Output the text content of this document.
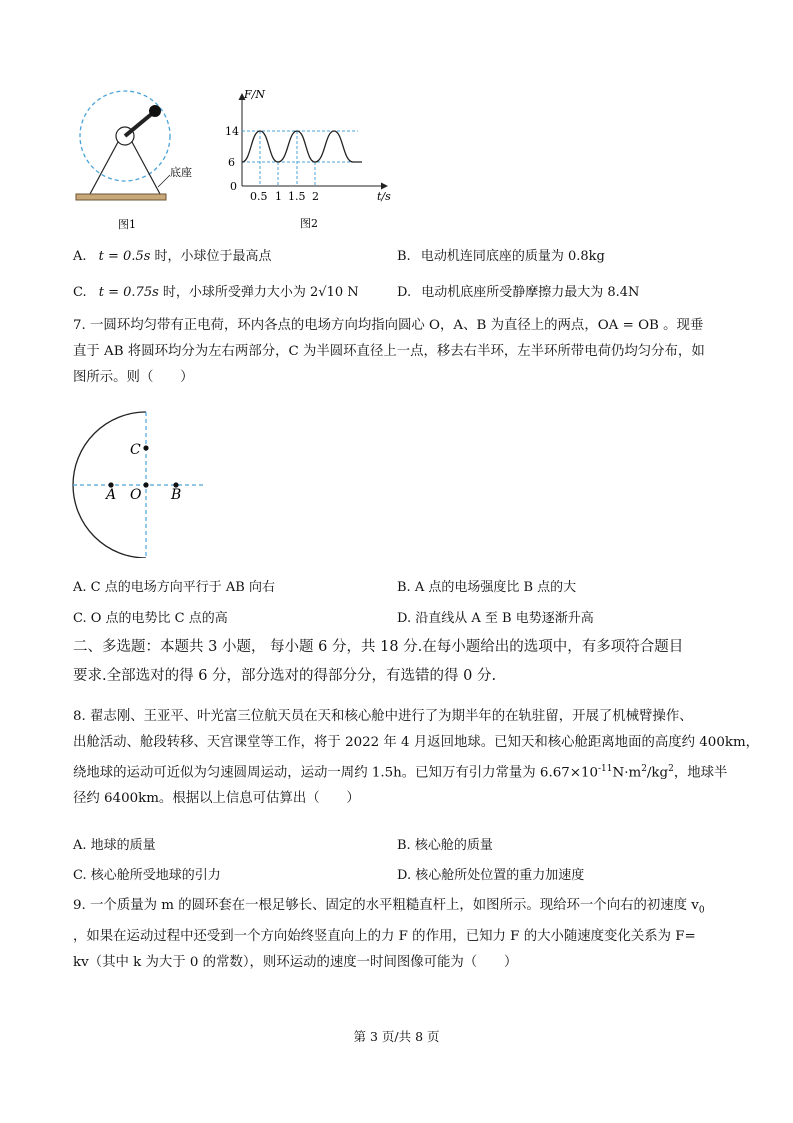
底座
图1
F/N
t/s
0
14
6
0.5 1 1.5 2
图2
A. t = 0.5s 时，小球位于最高点	B. 电动机连同底座的质量为 0.8kg
C. t = 0.75s 时，小球所受弹力大小为 2√10 N	D. 电动机底座所受静摩擦力最大为 8.4N
7. 一圆环均匀带有正电荷，环内各点的电场方向均指向圆心 O，A、B 为直径上的两点，OA = OB 。现垂
直于 AB 将圆环均分为左右两部分，C 为半圆环直径上一点，移去右半环，左半环所带电荷仍均匀分布，如
图所示。则（　　）
C
A O B
A. C 点的电场方向平行于 AB 向右	B. A 点的电场强度比 B 点的大
C. O 点的电势比 C 点的高	D. 沿直线从 A 至 B 电势逐渐升高
二、多选题：本题共 3 小题， 每小题 6 分，共 18 分.在每小题给出的选项中，有多项符合题目
要求.全部选对的得 6 分，部分选对的得部分分，有选错的得 0 分.
8. 翟志刚、王亚平、叶光富三位航天员在天和核心舱中进行了为期半年的在轨驻留，开展了机械臂操作、
出舱活动、舱段转移、天宫课堂等工作，将于 2022 年 4 月返回地球。已知天和核心舱距离地面的高度约 400km，
绕地球的运动可近似为匀速圆周运动，运动一周约 1.5h。已知万有引力常量为 $6.67\times 10^{-11}N\cdot m^2/kg^2$，地球半
径约 6400km。根据以上信息可估算出（　　）
A. 地球的质量	B. 核心舱的质量
C. 核心舱所受地球的引力	D. 核心舱所处位置的重力加速度
9. 一个质量为 m 的圆环套在一根足够长、固定的水平粗糙直杆上，如图所示。现给环一个向右的初速度 $v_0$
，如果在运动过程中还受到一个方向始终竖直向上的力 F 的作用，已知力 F 的大小随速度变化关系为 F=
kv（其中 k 为大于 0 的常数），则环运动的速度一时间图像可能为（　　）
第 3 页/共 8 页
